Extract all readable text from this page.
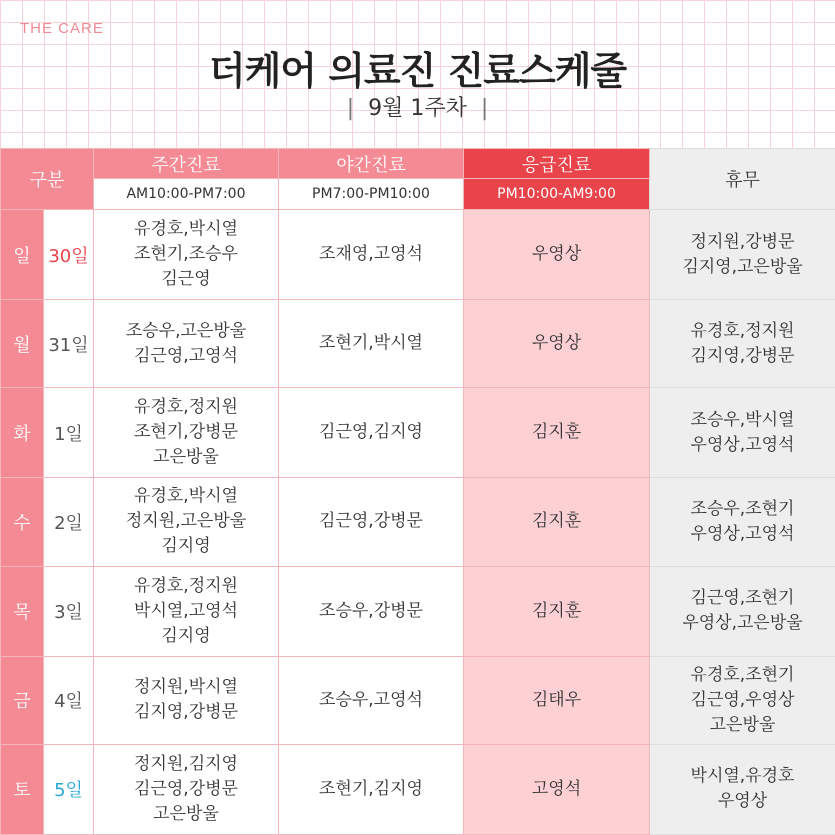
THE CARE
더케어 의료진 진료스케줄
| 9월 1주차 |
구분		주간진료	야간진료	응급진료	휴무
		AM10:00-PM7:00	PM7:00-PM10:00	PM10:00-AM9:00	
일	30일	유경호,박시열
조현기,조승우
김근영	조재영,고영석	우영상	정지원,강병문
김지영,고은방울

월	31일	조승우,고은방울
김근영,고영석	조현기,박시열	우영상	유경호,정지원
김지영,강병문

화	1일	유경호,정지원
조현기,강병문
고은방울	김근영,김지영	김지훈	조승우,박시열
우영상,고영석

수	2일	유경호,박시열
정지원,고은방울
김지영	김근영,강병문	김지훈	조승우,조현기
우영상,고영석

목	3일	유경호,정지원
박시열,고영석
김지영	조승우,강병문	김지훈	김근영,조현기
우영상,고은방울

금	4일	정지원,박시열
김지영,강병문	조승우,고영석	김태우	유경호,조현기
김근영,우영상
고은방울

토	5일	정지원,김지영
김근영,강병문
고은방울	조현기,김지영	고영석	박시열,유경호
우영상
